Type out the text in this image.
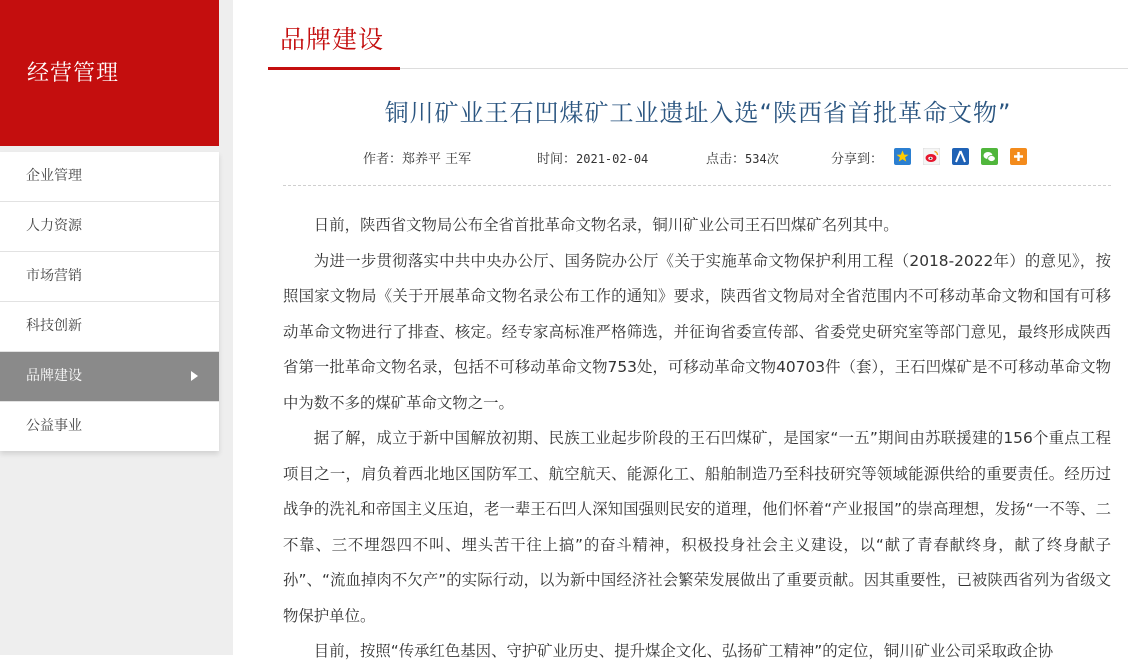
经营管理
企业管理
人力资源
市场营销
科技创新
品牌建设
公益事业
品牌建设
铜川矿业王石凹煤矿工业遗址入选“陕西省首批革命文物”
作者：郑养平 王军	时间：2021-02-04	点击：534次	分享到：

日前，陕西省文物局公布全省首批革命文物名录，铜川矿业公司王石凹煤矿名列其中。

为进一步贯彻落实中共中央办公厅、国务院办公厅《关于实施革命文物保护利用工程（2018-2022年）的意见》，按照国家文物局《关于开展革命文物名录公布工作的通知》要求，陕西省文物局对全省范围内不可移动革命文物和国有可移动革命文物进行了排查、核定。经专家高标准严格筛选，并征询省委宣传部、省委党史研究室等部门意见，最终形成陕西省第一批革命文物名录，包括不可移动革命文物753处，可移动革命文物40703件（套），王石凹煤矿是不可移动革命文物中为数不多的煤矿革命文物之一。

据了解，成立于新中国解放初期、民族工业起步阶段的王石凹煤矿，是国家“一五”期间由苏联援建的156个重点工程项目之一，肩负着西北地区国防军工、航空航天、能源化工、船舶制造乃至科技研究等领域能源供给的重要责任。经历过战争的洗礼和帝国主义压迫，老一辈王石凹人深知国强则民安的道理，他们怀着“产业报国”的崇高理想，发扬“一不等、二不靠、三不埋怨四不叫、埋头苦干往上搞”的奋斗精神，积极投身社会主义建设，以“献了青春献终身，献了终身献子孙”、“流血掉肉不欠产”的实际行动，以为新中国经济社会繁荣发展做出了重要贡献。因其重要性，已被陕西省列为省级文物保护单位。

目前，按照“传承红色基因、守护矿业历史、提升煤企文化、弘扬矿工精神”的定位，铜川矿业公司采取政企协
